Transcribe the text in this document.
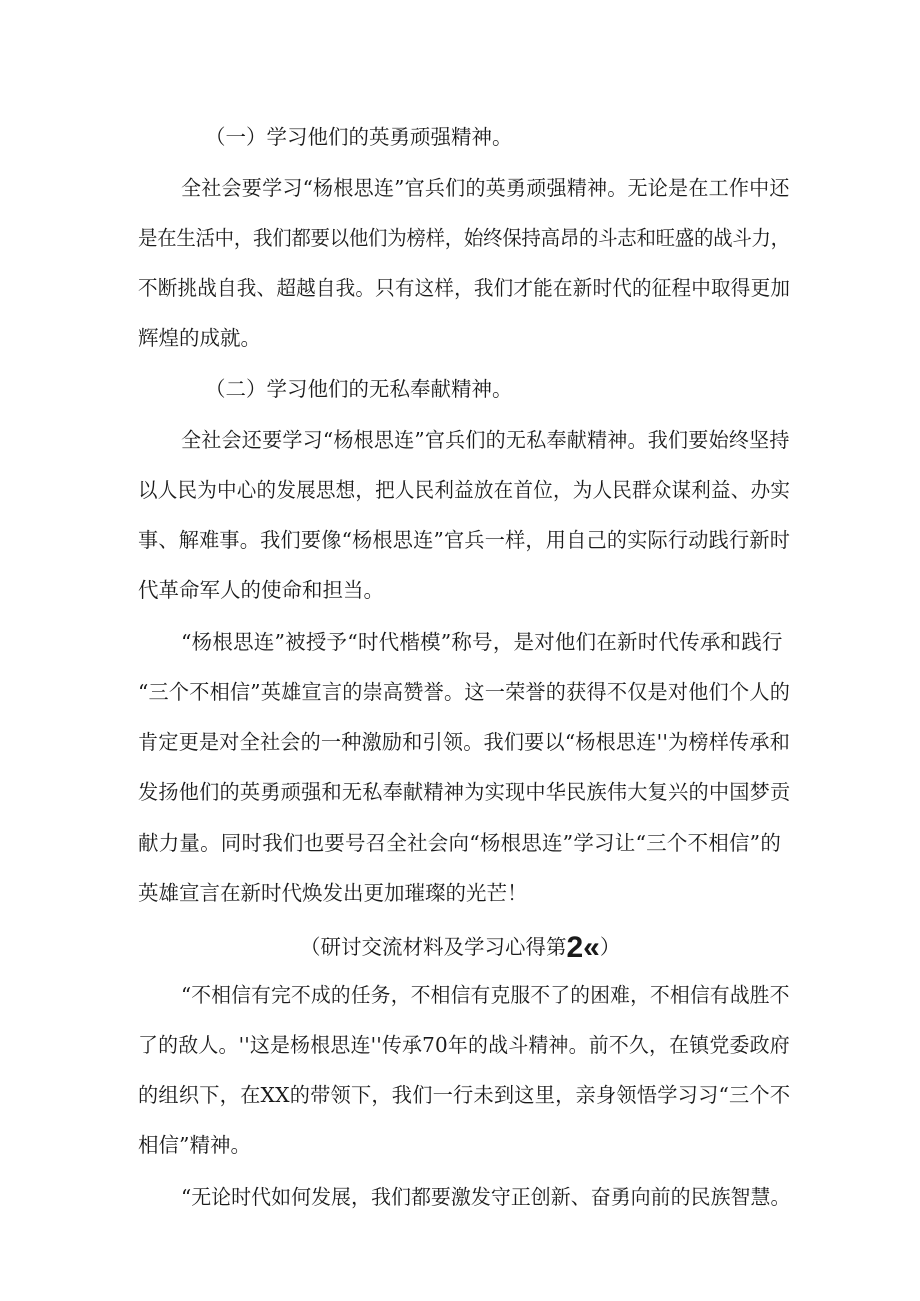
（一）学习他们的英勇顽强精神。
全社会要学习“杨根思连”官兵们的英勇顽强精神。无论是在工作中还
是在生活中，我们都要以他们为榜样，始终保持高昂的斗志和旺盛的战斗力，
不断挑战自我、超越自我。只有这样，我们才能在新时代的征程中取得更加
辉煌的成就。
（二）学习他们的无私奉献精神。
全社会还要学习“杨根思连”官兵们的无私奉献精神。我们要始终坚持
以人民为中心的发展思想，把人民利益放在首位，为人民群众谋利益、办实
事、解难事。我们要像“杨根思连”官兵一样，用自己的实际行动践行新时
代革命军人的使命和担当。
“杨根思连”被授予“时代楷模”称号，是对他们在新时代传承和践行
“三个不相信”英雄宣言的崇高赞誉。这一荣誉的获得不仅是对他们个人的
肯定更是对全社会的一种激励和引领。我们要以“杨根思连''为榜样传承和
发扬他们的英勇顽强和无私奉献精神为实现中华民族伟大复兴的中国梦贡
献力量。同时我们也要号召全社会向“杨根思连”学习让“三个不相信”的
英雄宣言在新时代焕发出更加璀璨的光芒！
（研讨交流材料及学习心得第2«）
“不相信有完不成的任务，不相信有克服不了的困难，不相信有战胜不
了的敌人。''这是杨根思连''传承70年的战斗精神。前不久，在镇党委政府
的组织下，在XX的带领下，我们一行未到这里，亲身领悟学习习“三个不
相信”精神。
“无论时代如何发展，我们都要激发守正创新、奋勇向前的民族智慧。
